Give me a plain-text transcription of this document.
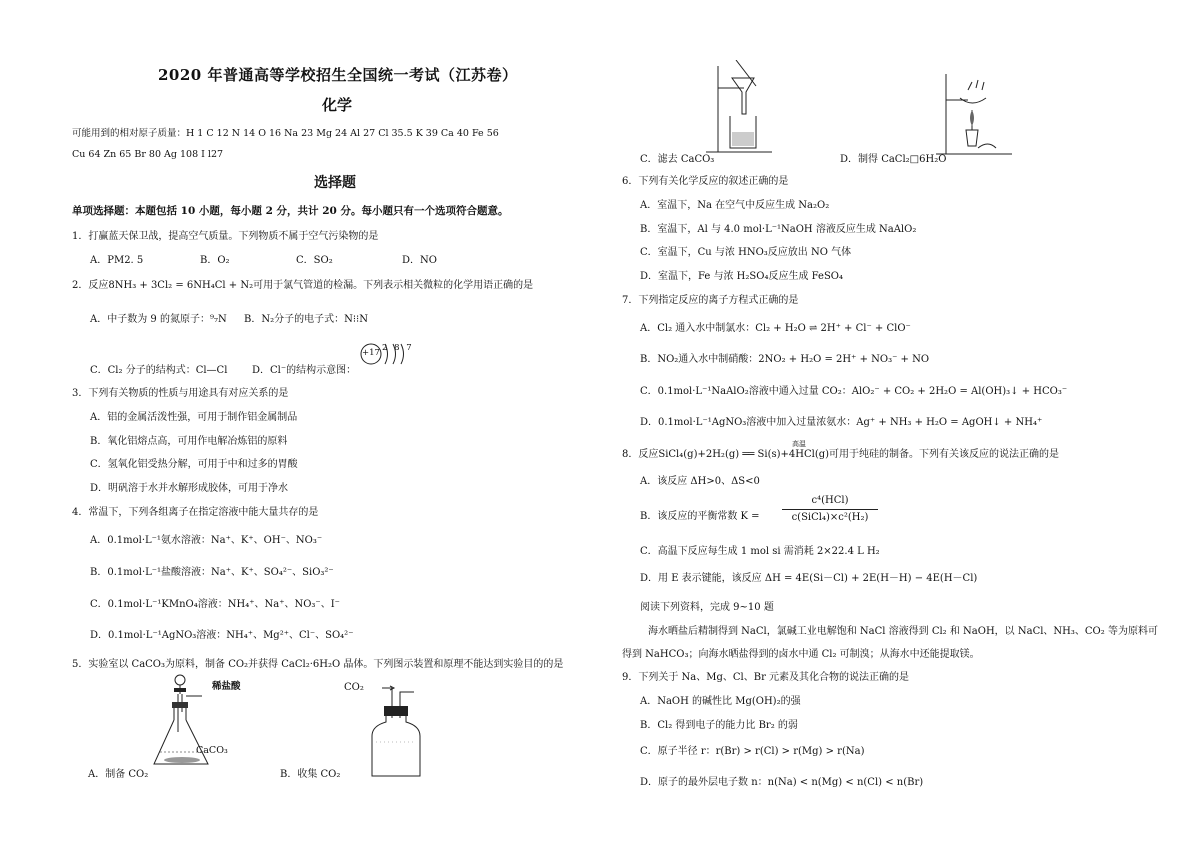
2020 年普通高等学校招生全国统一考试（江苏卷）
化学
可能用到的相对原子质量：H 1 C 12 N 14 O 16 Na 23 Mg 24 Al 27 Cl 35.5 K 39 Ca 40 Fe 56
Cu 64 Zn 65 Br 80 Ag 108 I l27
选择题
单项选择题：本题包括 10 小题，每小题 2 分，共计 20 分。每小题只有一个选项符合题意。
1．打赢蓝天保卫战，提高空气质量。下列物质不属于空气污染物的是
A．PM2. 5	B．O₂	C．SO₂	D．NO
2．反应8NH₃ + 3Cl₂ = 6NH₄Cl + N₂可用于氯气管道的检漏。下列表示相关微粒的化学用语正确的是
A．中子数为 9 的氮原子：⁹₇N B．N₂分子的电子式：N⁝⁝N
C．Cl₂ 分子的结构式：Cl—Cl D．Cl⁻的结构示意图：
+17 2 8 7
3．下列有关物质的性质与用途具有对应关系的是
A．铝的金属活泼性强，可用于制作铝金属制品
B．氧化铝熔点高，可用作电解冶炼铝的原料
C．氢氧化铝受热分解，可用于中和过多的胃酸
D．明矾溶于水并水解形成胶体，可用于净水
4．常温下，下列各组离子在指定溶液中能大量共存的是
A．0.1mol·L⁻¹氨水溶液：Na⁺、K⁺、OH⁻、NO₃⁻
B．0.1mol·L⁻¹盐酸溶液：Na⁺、K⁺、SO₄²⁻、SiO₃²⁻
C．0.1mol·L⁻¹KMnO₄溶液：NH₄⁺、Na⁺、NO₃⁻、I⁻
D．0.1mol·L⁻¹AgNO₃溶液：NH₄⁺、Mg²⁺、Cl⁻、SO₄²⁻
5．实验室以 CaCO₃为原料，制备 CO₂并获得 CaCl₂·6H₂O 晶体。下列图示装置和原理不能达到实验目的的是
稀盐酸
CaCO₃
A．制备 CO₂
CO₂
B．收集 CO₂
C．滤去 CaCO₃	D．制得 CaCl₂□6H₂O
6．下列有关化学反应的叙述正确的是
A．室温下，Na 在空气中反应生成 Na₂O₂
B．室温下，Al 与 4.0 mol·L⁻¹NaOH 溶液反应生成 NaAlO₂
C．室温下，Cu 与浓 HNO₃反应放出 NO 气体
D．室温下，Fe 与浓 H₂SO₄反应生成 FeSO₄
7．下列指定反应的离子方程式正确的是
A．Cl₂ 通入水中制氯水：Cl₂ + H₂O ⇌ 2H⁺ + Cl⁻ + ClO⁻
B．NO₂通入水中制硝酸：2NO₂ + H₂O = 2H⁺ + NO₃⁻ + NO
C．0.1mol·L⁻¹NaAlO₂溶液中通入过量 CO₂：AlO₂⁻ + CO₂ + 2H₂O = Al(OH)₃↓ + HCO₃⁻
D．0.1mol·L⁻¹AgNO₃溶液中加入过量浓氨水：Ag⁺ + NH₃ + H₂O = AgOH↓ + NH₄⁺
8．反应SiCl₄(g)+2H₂(g) ══ Si(s)+4HCl(g)可用于纯硅的制备。下列有关该反应的说法正确的是
高温
A．该反应 ΔH>0、ΔS<0
B．该反应的平衡常数 K =
c⁴(HCl)
c(SiCl₄)×c²(H₂)
C．高温下反应每生成 1 mol si 需消耗 2×22.4 L H₂
D．用 E 表示键能，该反应 ΔH = 4E(Si－Cl) + 2E(H－H) − 4E(H－Cl)
阅读下列资料，完成 9~10 题
海水晒盐后精制得到 NaCl，氯碱工业电解饱和 NaCl 溶液得到 Cl₂ 和 NaOH，以 NaCl、NH₃、CO₂ 等为原料可
得到 NaHCO₃；向海水晒盐得到的卤水中通 Cl₂ 可制溴；从海水中还能提取镁。
9．下列关于 Na、Mg、Cl、Br 元素及其化合物的说法正确的是
A．NaOH 的碱性比 Mg(OH)₂的强
B．Cl₂ 得到电子的能力比 Br₂ 的弱
C．原子半径 r：r(Br) > r(Cl) > r(Mg) > r(Na)
D．原子的最外层电子数 n：n(Na) < n(Mg) < n(Cl) < n(Br)
